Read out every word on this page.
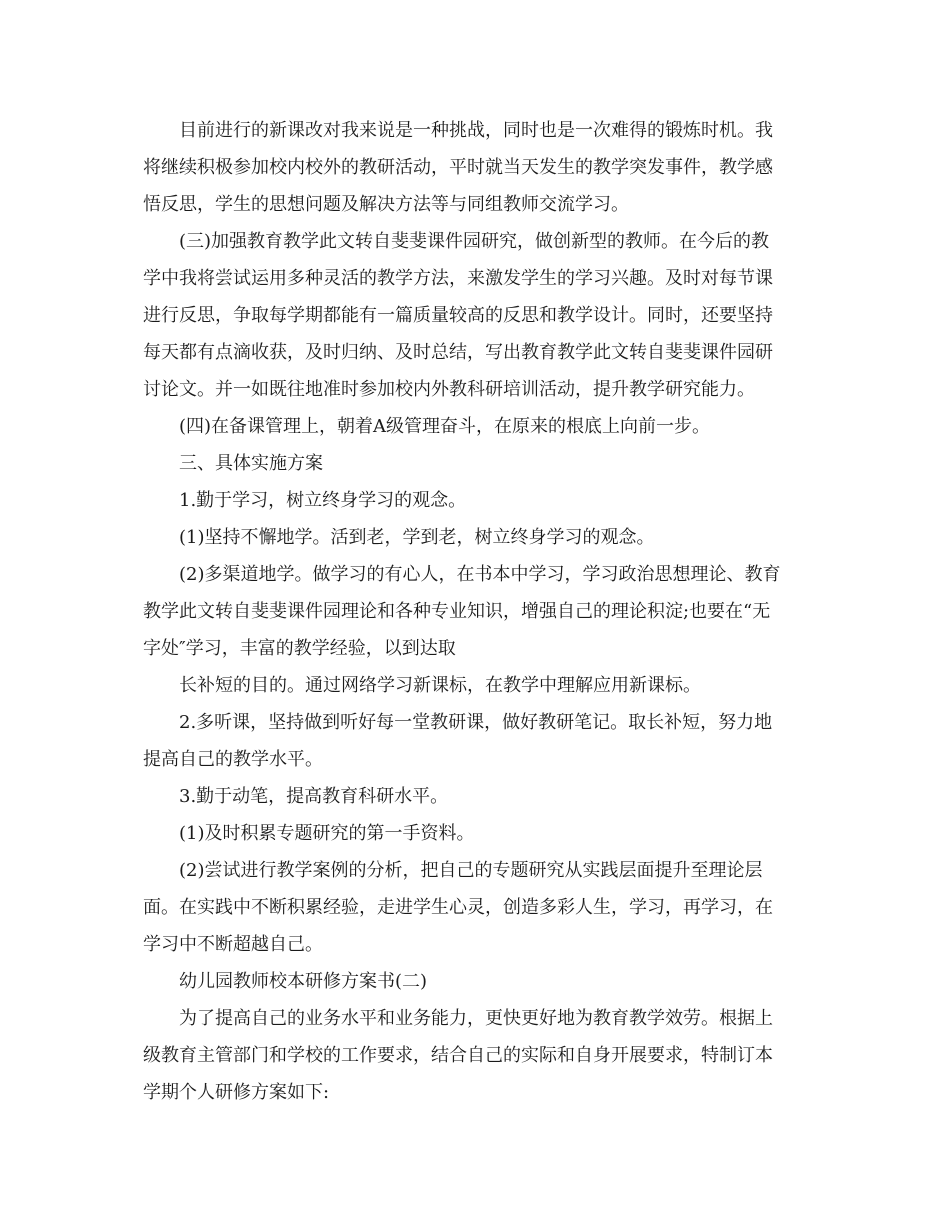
目前进行的新课改对我来说是一种挑战，同时也是一次难得的锻炼时机。我
将继续积极参加校内校外的教研活动，平时就当天发生的教学突发事件，教学感
悟反思，学生的思想问题及解决方法等与同组教师交流学习。
(三)加强教育教学此文转自斐斐课件园研究，做创新型的教师。在今后的教
学中我将尝试运用多种灵活的教学方法，来激发学生的学习兴趣。及时对每节课
进行反思，争取每学期都能有一篇质量较高的反思和教学设计。同时，还要坚持
每天都有点滴收获，及时归纳、及时总结，写出教育教学此文转自斐斐课件园研
讨论文。并一如既往地准时参加校内外教科研培训活动，提升教学研究能力。
(四)在备课管理上，朝着A级管理奋斗，在原来的根底上向前一步。
三、具体实施方案
1.勤于学习，树立终身学习的观念。
(1)坚持不懈地学。活到老，学到老，树立终身学习的观念。
(2)多渠道地学。做学习的有心人，在书本中学习，学习政治思想理论、教育
教学此文转自斐斐课件园理论和各种专业知识，增强自己的理论积淀;也要在“无
字处″学习，丰富的教学经验，以到达取
长补短的目的。通过网络学习新课标，在教学中理解应用新课标。
2.多听课，坚持做到听好每一堂教研课，做好教研笔记。取长补短，努力地
提高自己的教学水平。
3.勤于动笔，提高教育科研水平。
(1)及时积累专题研究的第一手资料。
(2)尝试进行教学案例的分析，把自己的专题研究从实践层面提升至理论层
面。在实践中不断积累经验，走进学生心灵，创造多彩人生，学习，再学习，在
学习中不断超越自己。
幼儿园教师校本研修方案书(二)
为了提高自己的业务水平和业务能力，更快更好地为教育教学效劳。根据上
级教育主管部门和学校的工作要求，结合自己的实际和自身开展要求，特制订本
学期个人研修方案如下:
